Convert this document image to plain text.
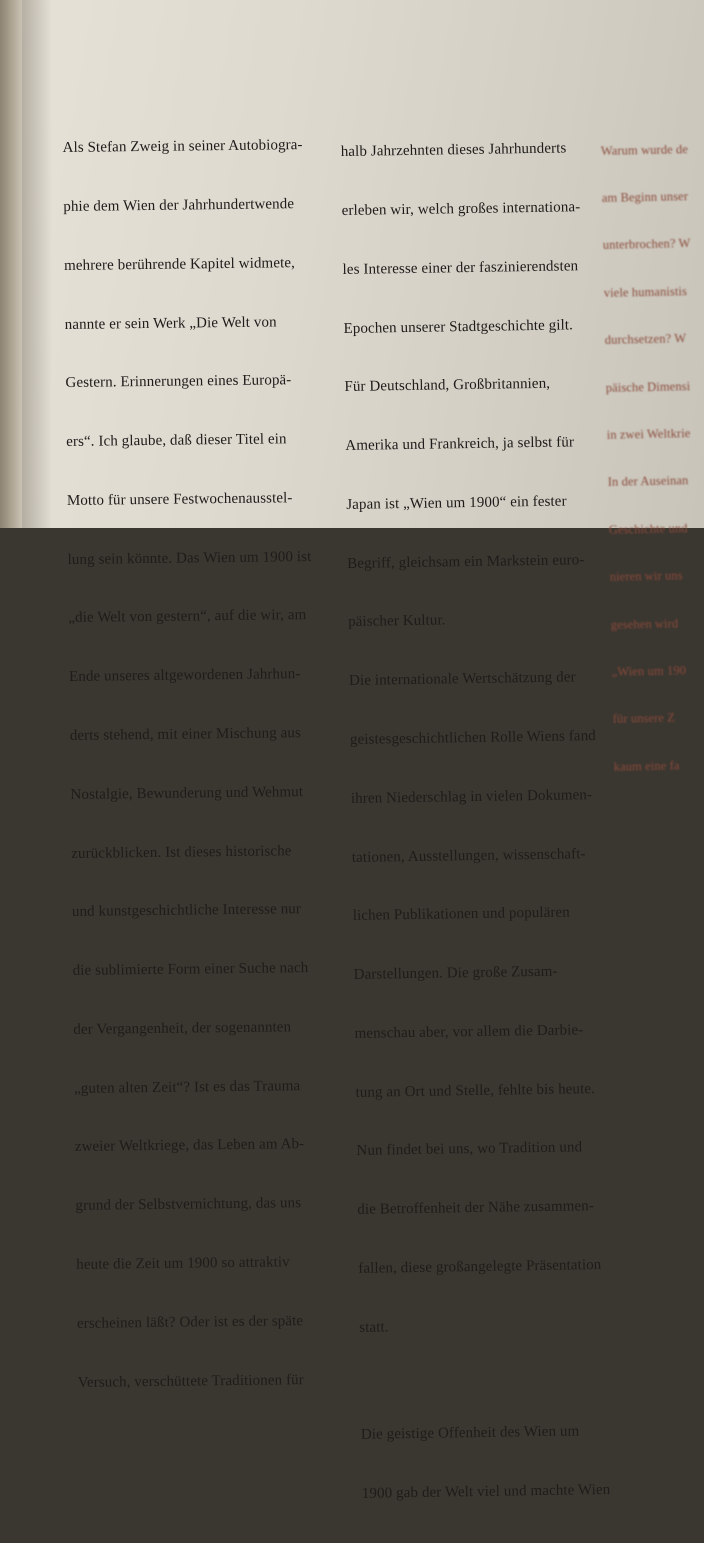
Als Stefan Zweig in seiner Autobiogra-

phie dem Wien der Jahrhundertwende

mehrere berührende Kapitel widmete,

nannte er sein Werk „Die Welt von

Gestern. Erinnerungen eines Europä-

ers“. Ich glaube, daß dieser Titel ein

Motto für unsere Festwochenausstel-

lung sein könnte. Das Wien um 1900 ist

„die Welt von gestern“, auf die wir, am

Ende unseres altgewordenen Jahrhun-

derts stehend, mit einer Mischung aus

Nostalgie, Bewunderung und Wehmut

zurückblicken. Ist dieses historische

und kunstgeschichtliche Interesse nur

die sublimierte Form einer Suche nach

der Vergangenheit, der sogenannten

„guten alten Zeit“? Ist es das Trauma

zweier Weltkriege, das Leben am Ab-

grund der Selbstvernichtung, das uns

heute die Zeit um 1900 so attraktiv

erscheinen läßt? Oder ist es der späte

Versuch, verschüttete Traditionen für

halb Jahrzehnten dieses Jahrhunderts

erleben wir, welch großes internationa-

les Interesse einer der faszinierendsten

Epochen unserer Stadtgeschichte gilt.

Für Deutschland, Großbritannien,

Amerika und Frankreich, ja selbst für

Japan ist „Wien um 1900“ ein fester

Begriff, gleichsam ein Markstein euro-

päischer Kultur.

Die internationale Wertschätzung der

geistesgeschichtlichen Rolle Wiens fand

ihren Niederschlag in vielen Dokumen-

tationen, Ausstellungen, wissenschaft-

lichen Publikationen und populären

Darstellungen. Die große Zusam-

menschau aber, vor allem die Darbie-

tung an Ort und Stelle, fehlte bis heute.

Nun findet bei uns, wo Tradition und

die Betroffenheit der Nähe zusammen-

fallen, diese großangelegte Präsentation

statt.

Die geistige Offenheit des Wien um

1900 gab der Welt viel und machte Wien

Warum wurde de

am Beginn unser

unterbrochen? W

viele humanistis

durchsetzen? W

päische Dimensi

in zwei Weltkrie

In der Auseinan

Geschichte und

nieren wir uns

gesehen wird

„Wien um 190

für unsere Z

kaum eine fa
